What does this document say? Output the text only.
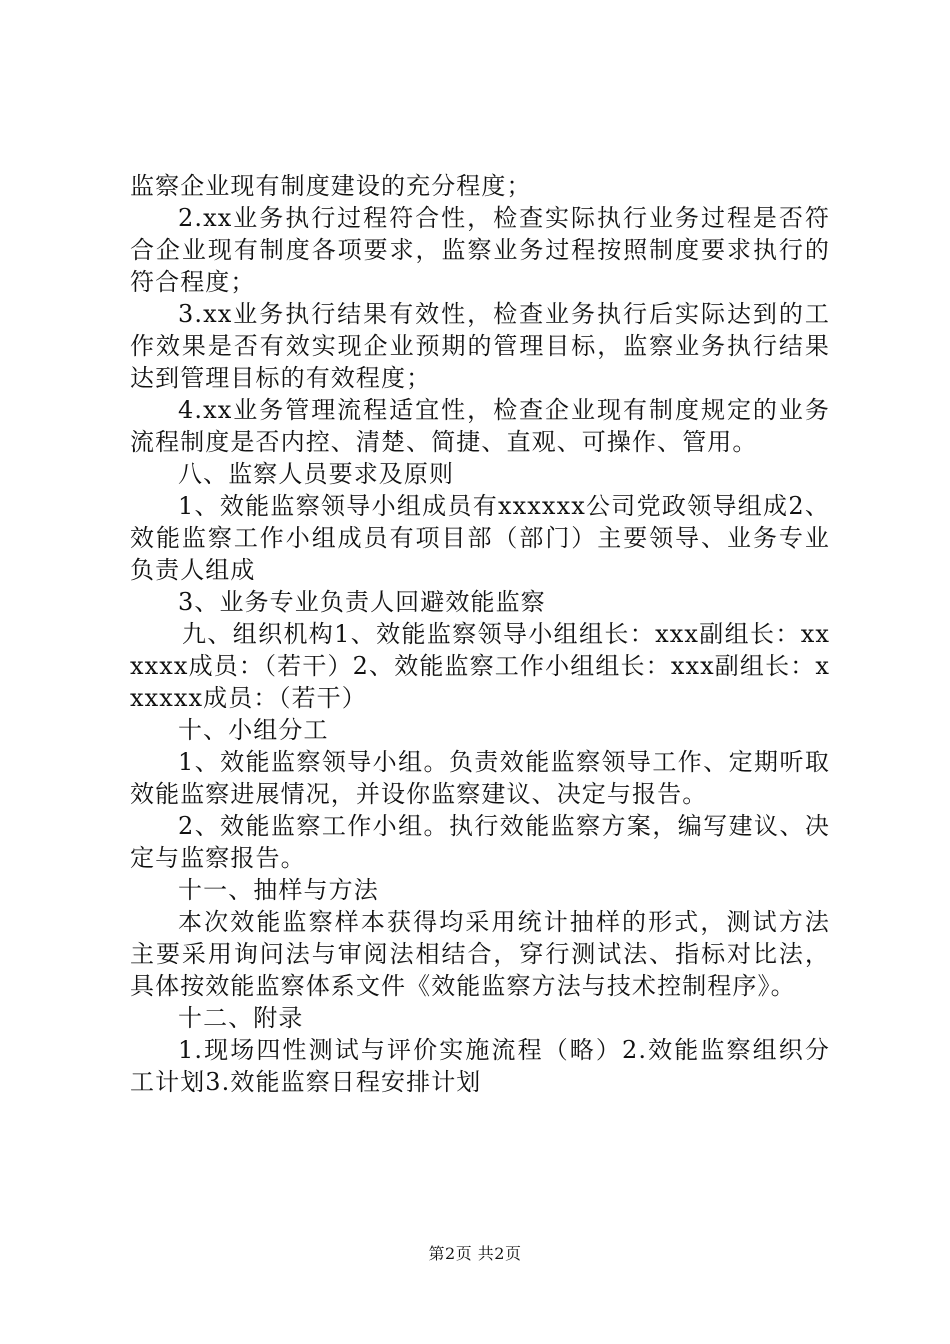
监察企业现有制度建设的充分程度；

2.xx业务执行过程符合性，检查实际执行业务过程是否符合企业现有制度各项要求，监察业务过程按照制度要求执行的符合程度；

3.xx业务执行结果有效性，检查业务执行后实际达到的工作效果是否有效实现企业预期的管理目标，监察业务执行结果达到管理目标的有效程度；

4.xx业务管理流程适宜性，检查企业现有制度规定的业务流程制度是否内控、清楚、简捷、直观、可操作、管用。

八、监察人员要求及原则

1、效能监察领导小组成员有xxxxxx公司党政领导组成2、效能监察工作小组成员有项目部（部门）主要领导、业务专业负责人组成

3、业务专业负责人回避效能监察

九、组织机构1、效能监察领导小组组长：xxx副组长：xxxxxx成员：（若干）2、效能监察工作小组组长：xxx副组长：xxxxxx成员：（若干）

十、小组分工

1、效能监察领导小组。负责效能监察领导工作、定期听取效能监察进展情况，并设你监察建议、决定与报告。

2、效能监察工作小组。执行效能监察方案，编写建议、决定与监察报告。

十一、抽样与方法

本次效能监察样本获得均采用统计抽样的形式，测试方法主要采用询问法与审阅法相结合，穿行测试法、指标对比法，具体按效能监察体系文件《效能监察方法与技术控制程序》。

十二、附录

1.现场四性测试与评价实施流程（略）2.效能监察组织分工计划3.效能监察日程安排计划

第2页 共2页
